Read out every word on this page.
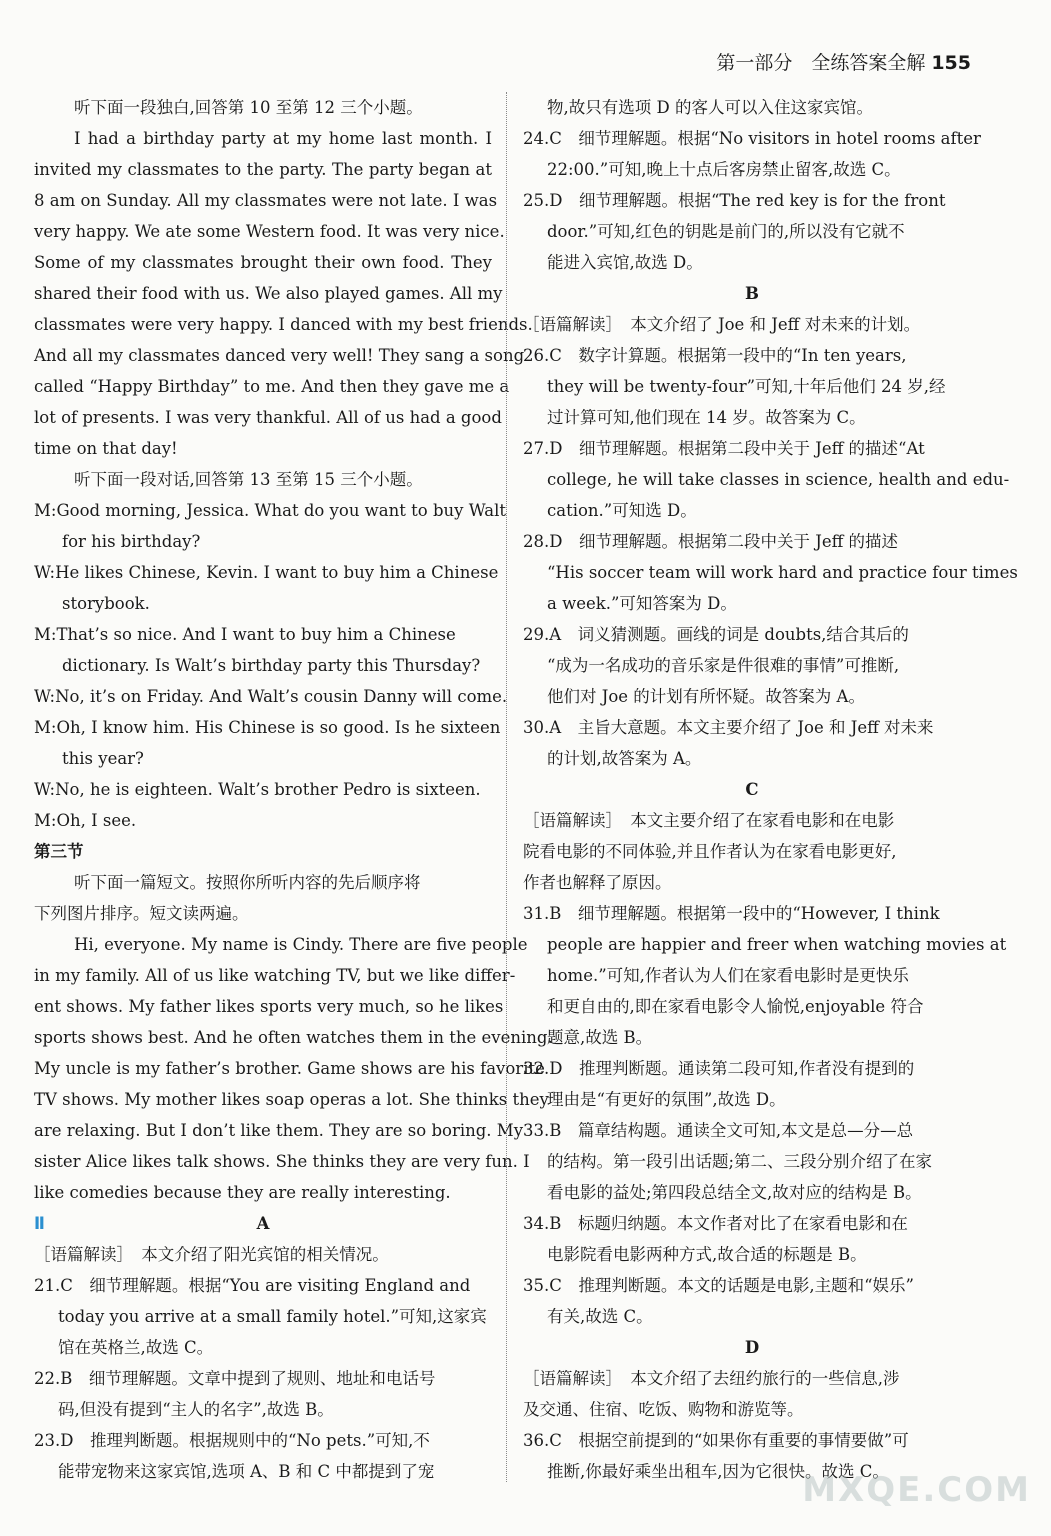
第一部分　全练答案全解 155
听下面一段独白,回答第 10 至第 12 三个小题。
I had a birthday party at my home last month. I
invited my classmates to the party. The party began at
8 am on Sunday. All my classmates were not late. I was
very happy. We ate some Western food. It was very nice.
Some of my classmates brought their own food. They
shared their food with us. We also played games. All my
classmates were very happy. I danced with my best friends.
And all my classmates danced very well! They sang a song
called “Happy Birthday” to me. And then they gave me a
lot of presents. I was very thankful. All of us had a good
time on that day!
听下面一段对话,回答第 13 至第 15 三个小题。
M:Good morning, Jessica. What do you want to buy Walt
for his birthday?
W:He likes Chinese, Kevin. I want to buy him a Chinese
storybook.
M:That’s so nice. And I want to buy him a Chinese
dictionary. Is Walt’s birthday party this Thursday?
W:No, it’s on Friday. And Walt’s cousin Danny will come.
M:Oh, I know him. His Chinese is so good. Is he sixteen
this year?
W:No, he is eighteen. Walt’s brother Pedro is sixteen.
M:Oh, I see.
第三节
听下面一篇短文。按照你所听内容的先后顺序将
下列图片排序。短文读两遍。
Hi, everyone. My name is Cindy. There are five people
in my family. All of us like watching TV, but we like differ-
ent shows. My father likes sports very much, so he likes
sports shows best. And he often watches them in the evening.
My uncle is my father’s brother. Game shows are his favorite
TV shows. My mother likes soap operas a lot. She thinks they
are relaxing. But I don’t like them. They are so boring. My
sister Alice likes talk shows. She thinks they are very fun. I
like comedies because they are really interesting.
Ⅱ	A
［语篇解读］　本文介绍了阳光宾馆的相关情况。
21.C　细节理解题。根据“You are visiting England and
today you arrive at a small family hotel.”可知,这家宾
馆在英格兰,故选 C。
22.B　细节理解题。文章中提到了规则、地址和电话号
码,但没有提到“主人的名字”,故选 B。
23.D　推理判断题。根据规则中的“No pets.”可知,不
能带宠物来这家宾馆,选项 A、B 和 C 中都提到了宠
物,故只有选项 D 的客人可以入住这家宾馆。
24.C　细节理解题。根据“No visitors in hotel rooms after
22:00.”可知,晚上十点后客房禁止留客,故选 C。
25.D　细节理解题。根据“The red key is for the front
door.”可知,红色的钥匙是前门的,所以没有它就不
能进入宾馆,故选 D。
B
［语篇解读］　本文介绍了 Joe 和 Jeff 对未来的计划。
26.C　数字计算题。根据第一段中的“In ten years,
they will be twenty-four”可知,十年后他们 24 岁,经
过计算可知,他们现在 14 岁。故答案为 C。
27.D　细节理解题。根据第二段中关于 Jeff 的描述“At
college, he will take classes in science, health and edu-
cation.”可知选 D。
28.D　细节理解题。根据第二段中关于 Jeff 的描述
“His soccer team will work hard and practice four times
a week.”可知答案为 D。
29.A　词义猜测题。画线的词是 doubts,结合其后的
“成为一名成功的音乐家是件很难的事情”可推断,
他们对 Joe 的计划有所怀疑。故答案为 A。
30.A　主旨大意题。本文主要介绍了 Joe 和 Jeff 对未来
的计划,故答案为 A。
C
［语篇解读］　本文主要介绍了在家看电影和在电影
院看电影的不同体验,并且作者认为在家看电影更好,
作者也解释了原因。
31.B　细节理解题。根据第一段中的“However, I think
people are happier and freer when watching movies at
home.”可知,作者认为人们在家看电影时是更快乐
和更自由的,即在家看电影令人愉悦,enjoyable 符合
题意,故选 B。
32.D　推理判断题。通读第二段可知,作者没有提到的
理由是“有更好的氛围”,故选 D。
33.B　篇章结构题。通读全文可知,本文是总—分—总
的结构。第一段引出话题;第二、三段分别介绍了在家
看电影的益处;第四段总结全文,故对应的结构是 B。
34.B　标题归纳题。本文作者对比了在家看电影和在
电影院看电影两种方式,故合适的标题是 B。
35.C　推理判断题。本文的话题是电影,主题和“娱乐”
有关,故选 C。
D
［语篇解读］　本文介绍了去纽约旅行的一些信息,涉
及交通、住宿、吃饭、购物和游览等。
36.C　根据空前提到的“如果你有重要的事情要做”可
推断,你最好乘坐出租车,因为它很快。故选 C。
MXQE.COM
